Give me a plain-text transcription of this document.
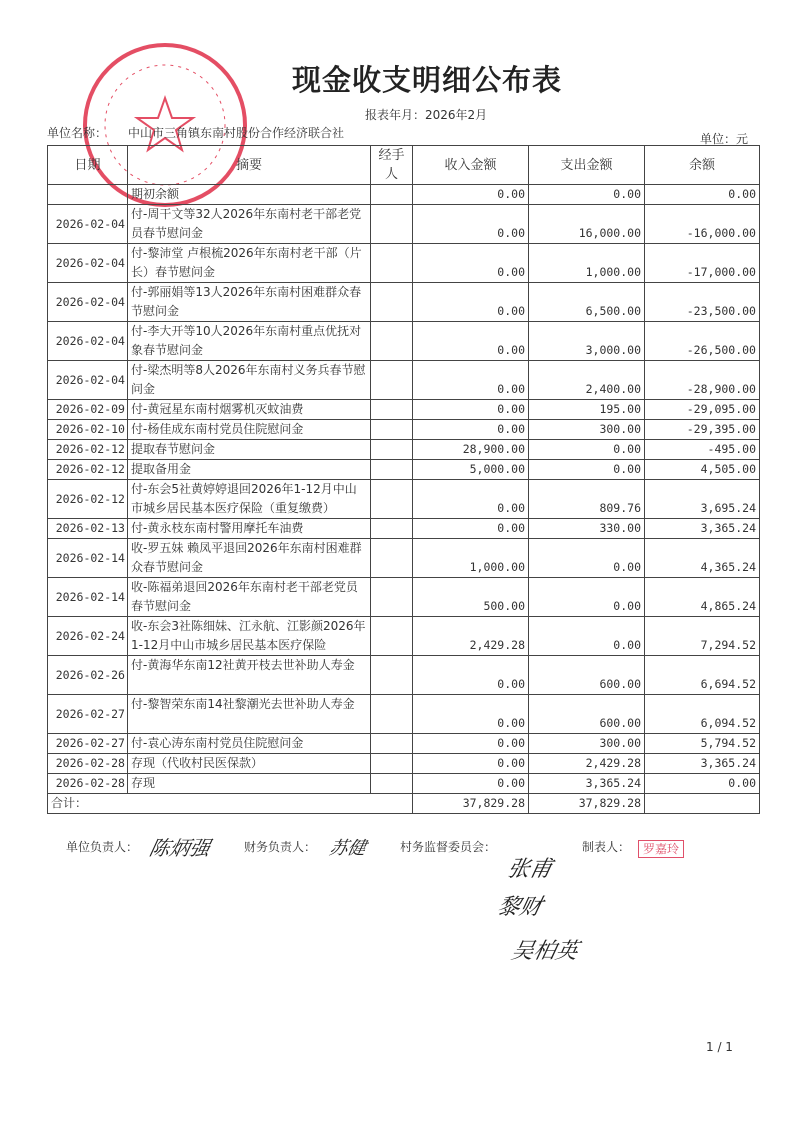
现金收支明细公布表
报表年月：2026年2月
单位名称： 中山市三角镇东南村股份合作经济联合社	单位：元
日期	摘要	经手人	收入金额	支出金额	余额
	期初余额		0.00	0.00	0.00
2026-02-04	付-周干文等32人2026年东南村老干部老党员春节慰问金		0.00	16,000.00	-16,000.00
2026-02-04	付-黎沛堂 卢根梳2026年东南村老干部（片长）春节慰问金		0.00	1,000.00	-17,000.00
2026-02-04	付-郭丽娟等13人2026年东南村困难群众春节慰问金		0.00	6,500.00	-23,500.00
2026-02-04	付-李大开等10人2026年东南村重点优抚对象春节慰问金		0.00	3,000.00	-26,500.00
2026-02-04	付-梁杰明等8人2026年东南村义务兵春节慰问金		0.00	2,400.00	-28,900.00
2026-02-09	付-黄冠星东南村烟雾机灭蚊油费		0.00	195.00	-29,095.00
2026-02-10	付-杨佳成东南村党员住院慰问金		0.00	300.00	-29,395.00
2026-02-12	提取春节慰问金		28,900.00	0.00	-495.00
2026-02-12	提取备用金		5,000.00	0.00	4,505.00
2026-02-12	付-东会5社黄婷婷退回2026年1-12月中山市城乡居民基本医疗保险（重复缴费）		0.00	809.76	3,695.24
2026-02-13	付-黄永枝东南村警用摩托车油费		0.00	330.00	3,365.24
2026-02-14	收-罗五妹 赖凤平退回2026年东南村困难群众春节慰问金		1,000.00	0.00	4,365.24
2026-02-14	收-陈福弟退回2026年东南村老干部老党员春节慰问金		500.00	0.00	4,865.24
2026-02-24	收-东会3社陈细妹、江永航、江影颜2026年1-12月中山市城乡居民基本医疗保险		2,429.28	0.00	7,294.52
2026-02-26	付-黄海华东南12社黄开枝去世补助人寿金		0.00	600.00	6,694.52
2026-02-27	付-黎智荣东南14社黎潮光去世补助人寿金		0.00	600.00	6,094.52
2026-02-27	付-袁心涛东南村党员住院慰问金		0.00	300.00	5,794.52
2026-02-28	存现（代收村民医保款）		0.00	2,429.28	3,365.24
2026-02-28	存现		0.00	3,365.24	0.00
合计：			37,829.28	37,829.28	
单位负责人： 陈炳强	财务负责人： 苏健	村务监督委员会：
张甫
黎财
吴柏英
制表人：	罗嘉玲
1 / 1
